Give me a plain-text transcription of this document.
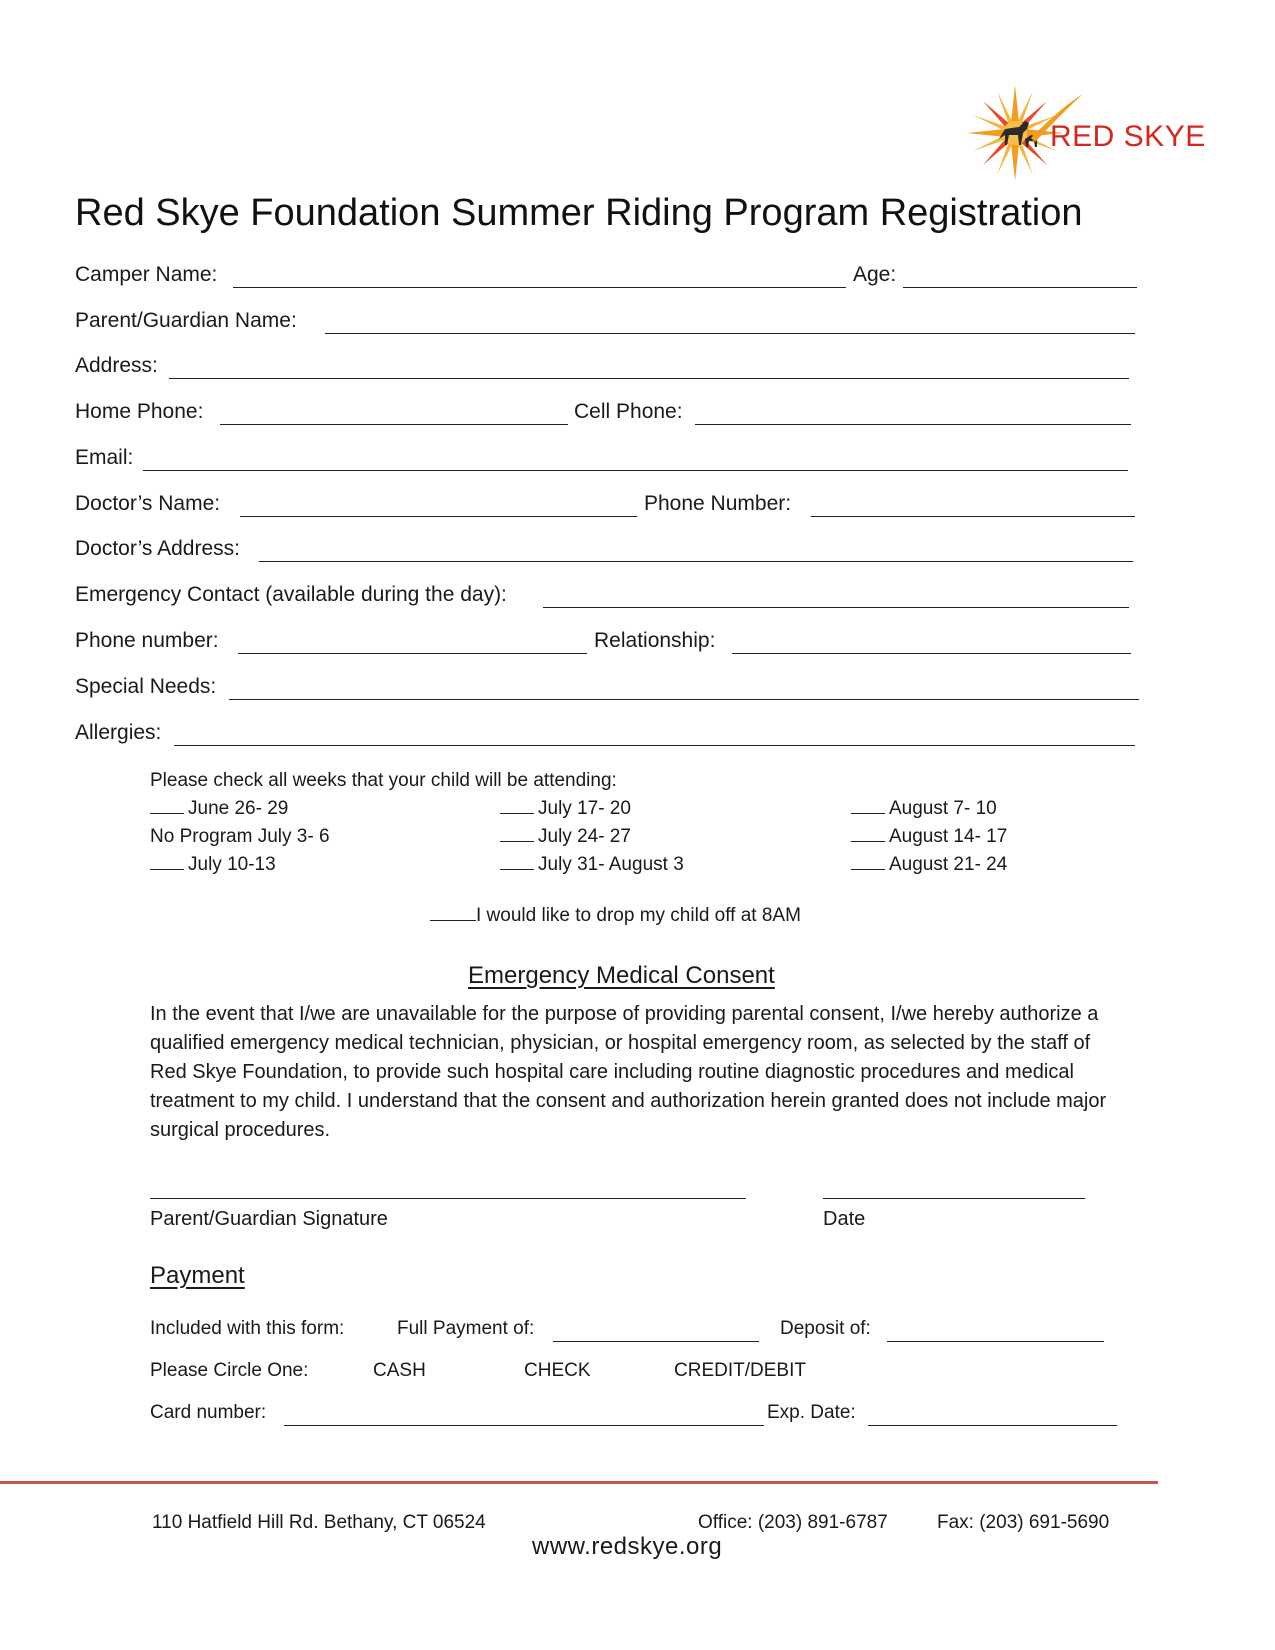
RED SKYE
Red Skye Foundation Summer Riding Program Registration
Camper Name:	Age:
Parent/Guardian Name:
Address:
Home Phone:	Cell Phone:
Email:
Doctor’s Name:	Phone Number:
Doctor’s Address:
Emergency Contact (available during the day):
Phone number:	Relationship:
Special Needs:
Allergies:
Please check all weeks that your child will be attending:
June 26- 29
No Program July 3- 6
July 10-13
July 17- 20
July 24- 27
July 31- August 3
August 7- 10
August 14- 17
August 21- 24
I would like to drop my child off at 8AM
Emergency Medical Consent
In the event that I/we are unavailable for the purpose of providing parental consent, I/we hereby authorize a qualified emergency medical technician, physician, or hospital emergency room, as selected by the staff of Red Skye Foundation, to provide such hospital care including routine diagnostic procedures and medical treatment to my child. I understand that the consent and authorization herein granted does not include major surgical procedures.
Parent/Guardian Signature	Date
Payment
Included with this form:	Full Payment of:	Deposit of:
Please Circle One:	CASH	CHECK	CREDIT/DEBIT
Card number:	Exp. Date:
110 Hatfield Hill Rd. Bethany, CT 06524	Office: (203) 891-6787	Fax: (203) 691-5690
www.redskye.org
